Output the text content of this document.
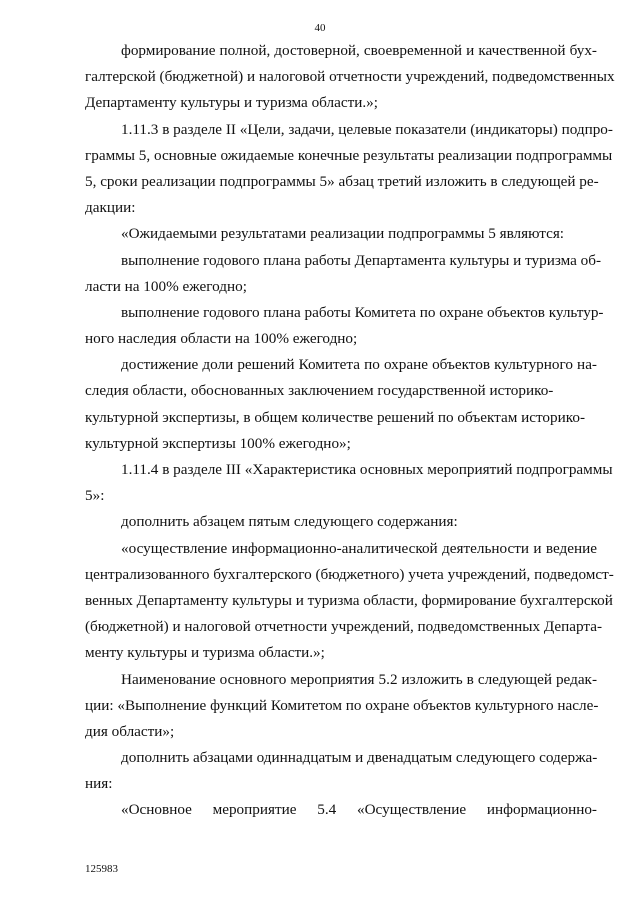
40
формирование полной, достоверной, своевременной и качественной бух-
галтерской (бюджетной) и налоговой отчетности учреждений, подведомственных
Департаменту культуры и туризма области.»;
1.11.3 в разделе II «Цели, задачи, целевые показатели (индикаторы) подпро-
граммы 5, основные ожидаемые конечные результаты реализации подпрограммы
5, сроки реализации подпрограммы 5» абзац третий изложить в следующей ре-
дакции:
«Ожидаемыми результатами реализации подпрограммы 5 являются:
выполнение годового плана работы Департамента культуры и туризма об-
ласти на 100% ежегодно;
выполнение годового плана работы Комитета по охране объектов культур-
ного наследия области на 100% ежегодно;
достижение доли решений Комитета по охране объектов культурного на-
следия области, обоснованных заключением государственной историко-
культурной экспертизы, в общем количестве решений по объектам историко-
культурной экспертизы 100% ежегодно»;
1.11.4 в разделе III «Характеристика основных мероприятий подпрограммы
5»:
дополнить абзацем пятым следующего содержания:
«осуществление информационно-аналитической деятельности и ведение
централизованного бухгалтерского (бюджетного) учета учреждений, подведомст-
венных Департаменту культуры и туризма области, формирование бухгалтерской
(бюджетной) и налоговой отчетности учреждений, подведомственных Департа-
менту культуры и туризма области.»;
Наименование основного мероприятия 5.2 изложить в следующей редак-
ции: «Выполнение функций Комитетом по охране объектов культурного насле-
дия области»;
дополнить абзацами одиннадцатым и двенадцатым следующего содержа-
ния:
«Основное мероприятие 5.4 «Осуществление информационно-
125983
